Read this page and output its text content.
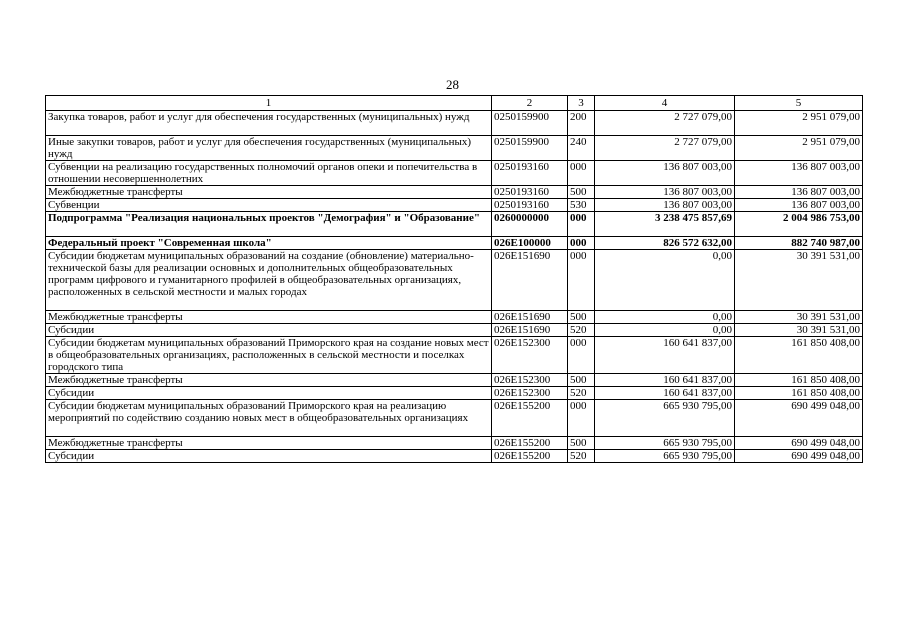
28
1	2	3	4	5
Закупка товаров, работ и услуг для обеспечения государственных (муниципальных) нужд	0250159900	200	2 727 079,00	2 951 079,00
Иные закупки товаров, работ и услуг для обеспечения государственных (муниципальных) нужд	0250159900	240	2 727 079,00	2 951 079,00
Субвенции на реализацию государственных полномочий органов опеки и попечительства в отношении несовершеннолетних	0250193160	000	136 807 003,00	136 807 003,00
Межбюджетные трансферты	0250193160	500	136 807 003,00	136 807 003,00
Субвенции	0250193160	530	136 807 003,00	136 807 003,00
Подпрограмма "Реализация национальных проектов "Демография" и "Образование"	0260000000	000	3 238 475 857,69	2 004 986 753,00
Федеральный проект "Современная школа"	026E100000	000	826 572 632,00	882 740 987,00
Субсидии бюджетам муниципальных образований на создание (обновление) материально-технической базы для реализации основных и дополнительных общеобразовательных программ цифрового и гуманитарного профилей в общеобразовательных организациях, расположенных в сельской местности и малых городах	026E151690	000	0,00	30 391 531,00
Межбюджетные трансферты	026E151690	500	0,00	30 391 531,00
Субсидии	026E151690	520	0,00	30 391 531,00
Субсидии бюджетам муниципальных образований Приморского края на создание новых мест в общеобразовательных организациях, расположенных в сельской местности и поселках городского типа	026E152300	000	160 641 837,00	161 850 408,00
Межбюджетные трансферты	026E152300	500	160 641 837,00	161 850 408,00
Субсидии	026E152300	520	160 641 837,00	161 850 408,00
Субсидии бюджетам муниципальных образований Приморского края на реализацию мероприятий по содействию созданию новых мест в общеобразовательных организациях	026E155200	000	665 930 795,00	690 499 048,00
Межбюджетные трансферты	026E155200	500	665 930 795,00	690 499 048,00
Субсидии	026E155200	520	665 930 795,00	690 499 048,00
